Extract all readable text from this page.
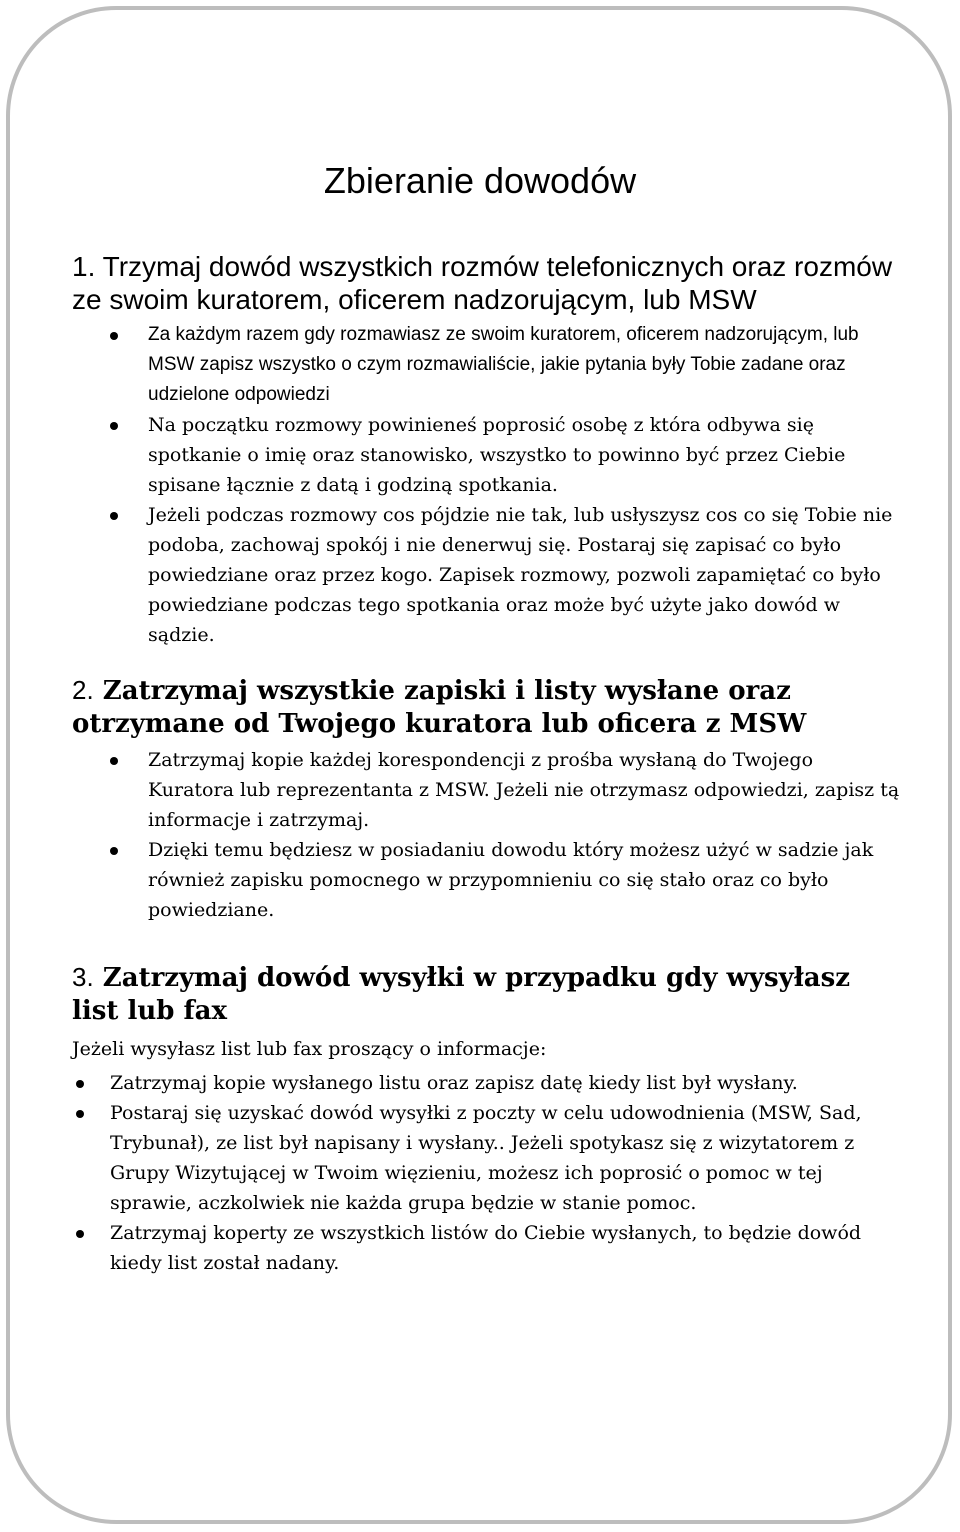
Zbieranie dowodów
1. Trzymaj dowód wszystkich rozmów telefonicznych oraz rozmów ze swoim kuratorem, oficerem nadzorującym, lub MSW
Za każdym razem gdy rozmawiasz ze swoim kuratorem, oficerem nadzorującym, lub MSW zapisz wszystko o czym rozmawialiście, jakie pytania były Tobie zadane oraz udzielone odpowiedzi
Na początku rozmowy powinieneś poprosić osobę z która odbywa się spotkanie o imię oraz stanowisko, wszystko to powinno być przez Ciebie spisane łącznie z datą i godziną spotkania.
Jeżeli podczas rozmowy cos pójdzie nie tak, lub usłyszysz cos co się Tobie nie podoba, zachowaj spokój i nie denerwuj się. Postaraj się zapisać co było powiedziane oraz przez kogo. Zapisek rozmowy, pozwoli zapamiętać co było powiedziane podczas tego spotkania oraz może być użyte jako dowód w sądzie.
2. Zatrzymaj wszystkie zapiski i listy wysłane oraz otrzymane od Twojego kuratora lub oficera z MSW
Zatrzymaj kopie każdej korespondencji z prośba wysłaną do Twojego Kuratora lub reprezentanta z MSW. Jeżeli nie otrzymasz odpowiedzi, zapisz tą informacje i zatrzymaj.
Dzięki temu będziesz w posiadaniu dowodu który możesz użyć w sadzie jak również zapisku pomocnego w przypomnieniu co się stało oraz co było powiedziane.
3. Zatrzymaj dowód wysyłki w przypadku gdy wysyłasz list lub fax

Jeżeli wysyłasz list lub fax proszący o informacje:

Zatrzymaj kopie wysłanego listu oraz zapisz datę kiedy list był wysłany.
Postaraj się uzyskać dowód wysyłki z poczty w celu udowodnienia (MSW, Sad, Trybunał), ze list był napisany i wysłany.. Jeżeli spotykasz się z wizytatorem z Grupy Wizytującej w Twoim więzieniu, możesz ich poprosić o pomoc w tej sprawie, aczkolwiek nie każda grupa będzie w stanie pomoc.
Zatrzymaj koperty ze wszystkich listów do Ciebie wysłanych, to będzie dowód kiedy list został nadany.
